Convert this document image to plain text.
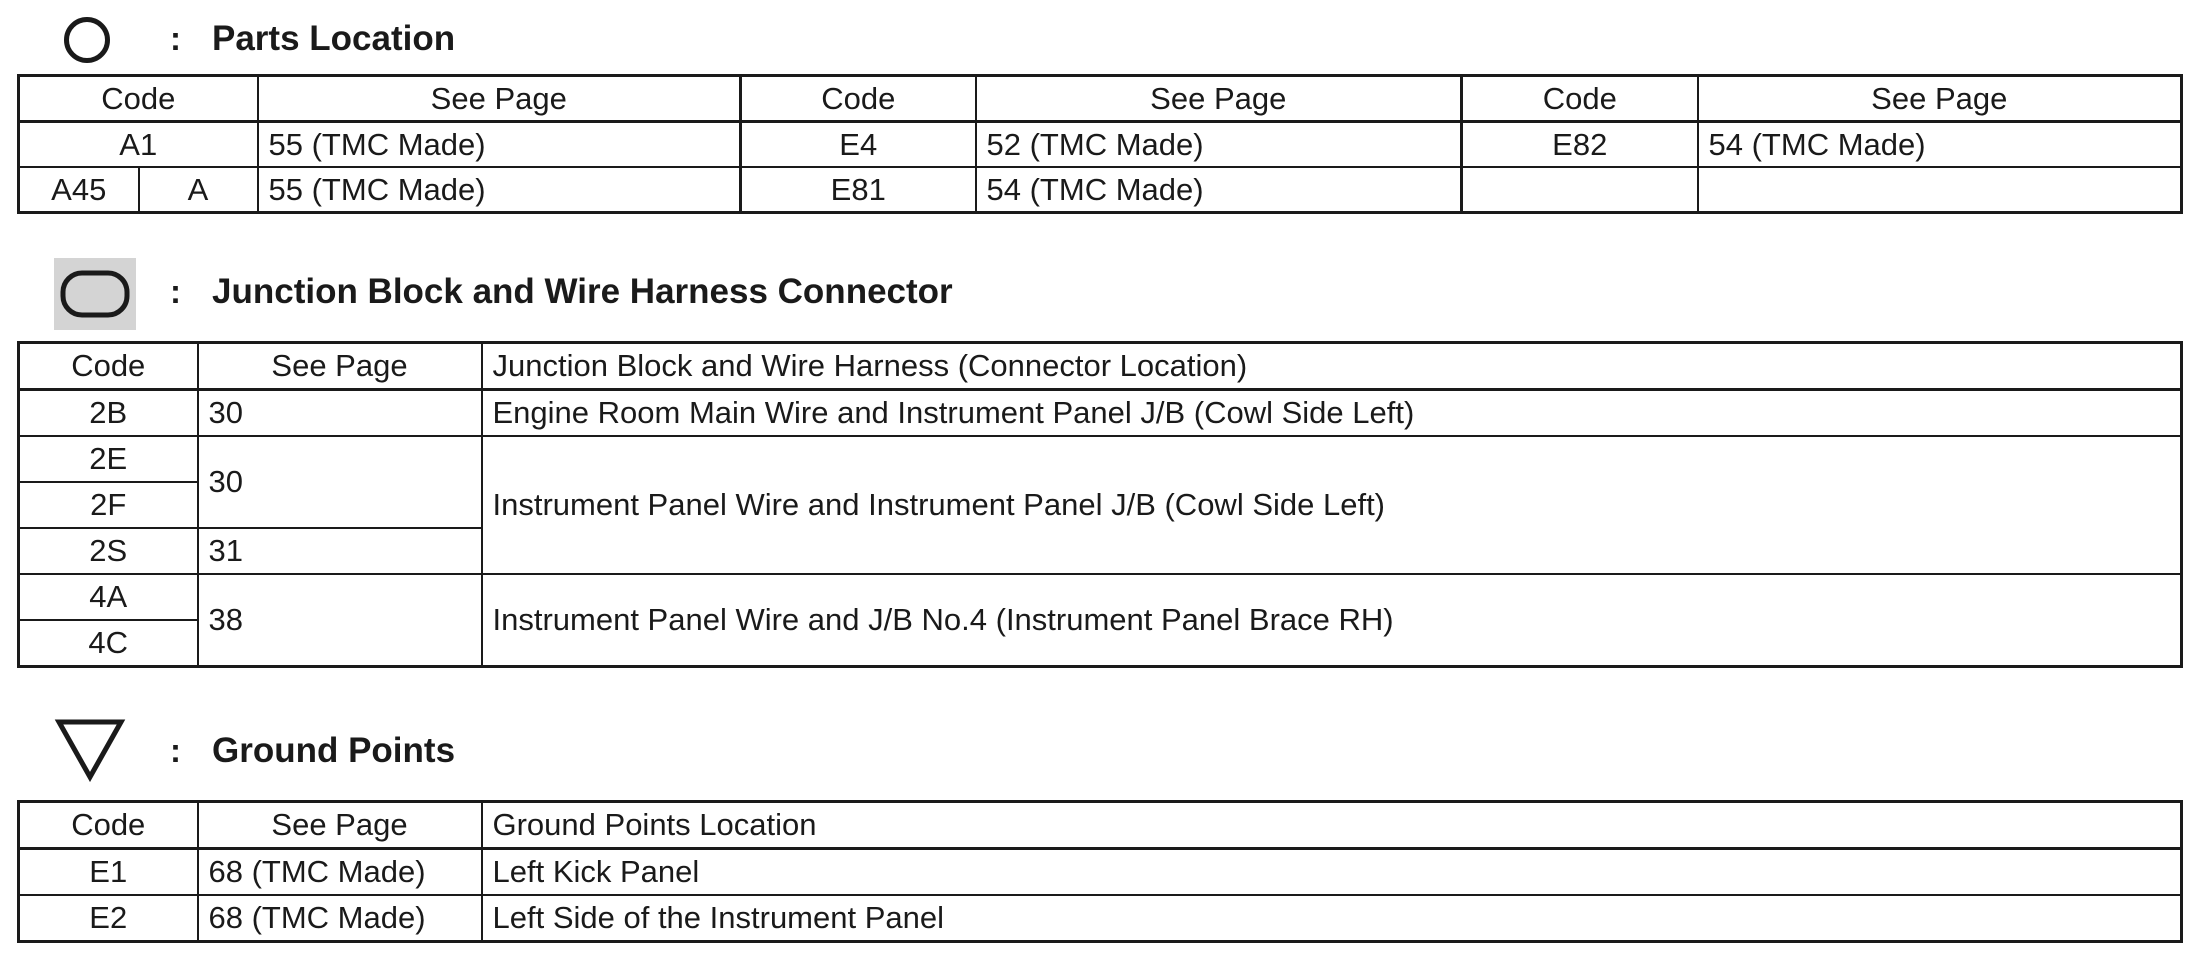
: Parts Location
Code		See Page	Code	See Page	Code	See Page
A1		55 (TMC Made)	E4	52 (TMC Made)	E82	54 (TMC Made)
A45	A	55 (TMC Made)	E81	54 (TMC Made)		
: Junction Block and Wire Harness Connector
Code	See Page	Junction Block and Wire Harness (Connector Location)
2B	30	Engine Room Main Wire and Instrument Panel J/B (Cowl Side Left)
2E	30	Instrument Panel Wire and Instrument Panel J/B (Cowl Side Left)
2F		
2S	31	
4A	38	Instrument Panel Wire and J/B No.4 (Instrument Panel Brace RH)
4C		
: Ground Points
Code	See Page	Ground Points Location
E1	68 (TMC Made)	Left Kick Panel
E2	68 (TMC Made)	Left Side of the Instrument Panel
